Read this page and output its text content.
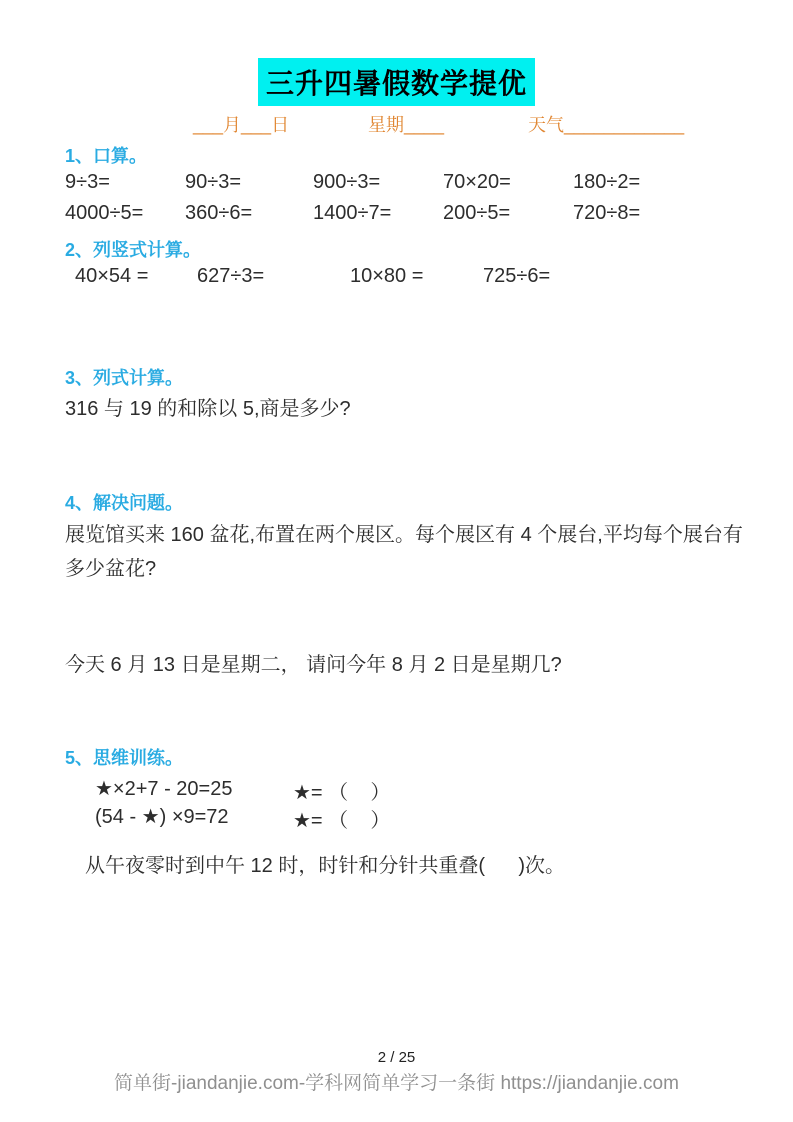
三升四暑假数学提优
___月___日	星期____	天气____________
1、口算。
9÷3=	90÷3=	900÷3=	70×20=	180÷2=
4000÷5=	360÷6=	1400÷7=	200÷5=	720÷8=
2、列竖式计算。
40×54 =	627÷3=	10×80 =	725÷6=
3、列式计算。
316 与 19 的和除以 5,商是多少?
4、解决问题。
展览馆买来 160 盆花,布置在两个展区。每个展区有 4 个展台,平均每个展台有多少盆花?
今天 6 月 13 日是星期二， 请问今年 8 月 2 日是星期几?
5、思维训练。
★×2+7 - 20=25	★= （    ）
(54 - ★) ×9=72	★= （    ）
从午夜零时到中午 12 时，时针和分针共重叠(      )次。
2 / 25
简单街-jiandanjie.com-学科网简单学习一条街 https://jiandanjie.com
